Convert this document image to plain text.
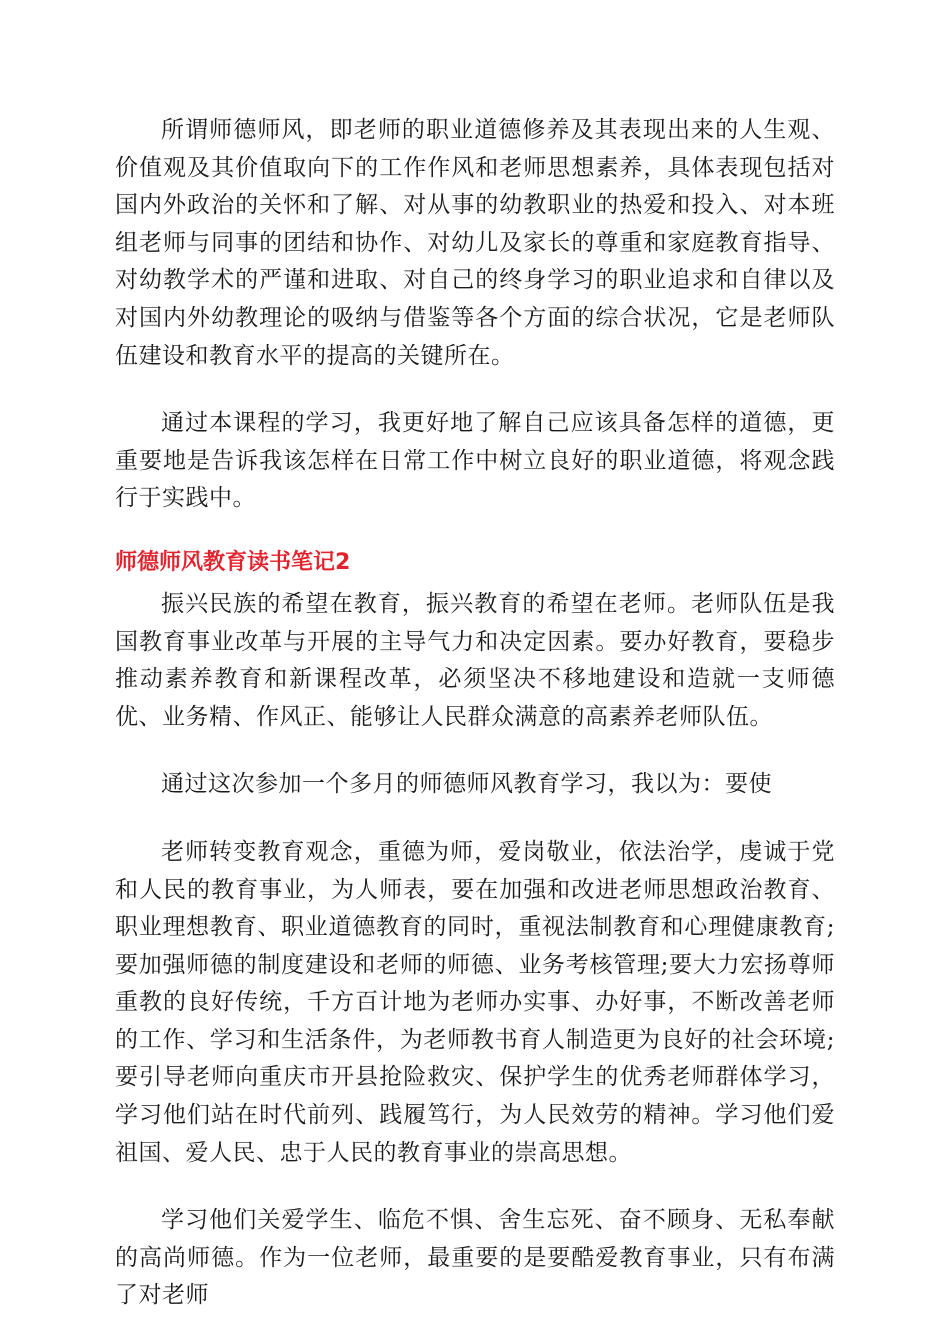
所谓师德师风，即老师的职业道德修养及其表现出来的人生观、价值观及其价值取向下的工作作风和老师思想素养，具体表现包括对国内外政治的关怀和了解、对从事的幼教职业的热爱和投入、对本班组老师与同事的团结和协作、对幼儿及家长的尊重和家庭教育指导、对幼教学术的严谨和进取、对自己的终身学习的职业追求和自律以及对国内外幼教理论的吸纳与借鉴等各个方面的综合状况，它是老师队伍建设和教育水平的提高的关键所在。

通过本课程的学习，我更好地了解自己应该具备怎样的道德，更重要地是告诉我该怎样在日常工作中树立良好的职业道德，将观念践行于实践中。

师德师风教育读书笔记2

振兴民族的希望在教育，振兴教育的希望在老师。老师队伍是我国教育事业改革与开展的主导气力和决定因素。要办好教育，要稳步推动素养教育和新课程改革，必须坚决不移地建设和造就一支师德优、业务精、作风正、能够让人民群众满意的高素养老师队伍。

通过这次参加一个多月的师德师风教育学习，我以为：要使

老师转变教育观念，重德为师，爱岗敬业，依法治学，虔诚于党和人民的教育事业，为人师表，要在加强和改进老师思想政治教育、职业理想教育、职业道德教育的同时，重视法制教育和心理健康教育;要加强师德的制度建设和老师的师德、业务考核管理;要大力宏扬尊师重教的良好传统，千方百计地为老师办实事、办好事，不断改善老师的工作、学习和生活条件，为老师教书育人制造更为良好的社会环境;要引导老师向重庆市开县抢险救灾、保护学生的优秀老师群体学习，学习他们站在时代前列、践履笃行，为人民效劳的精神。学习他们爱祖国、爱人民、忠于人民的教育事业的崇高思想。

学习他们关爱学生、临危不惧、舍生忘死、奋不顾身、无私奉献的高尚师德。作为一位老师，最重要的是要酷爱教育事业，只有布满了对老师
